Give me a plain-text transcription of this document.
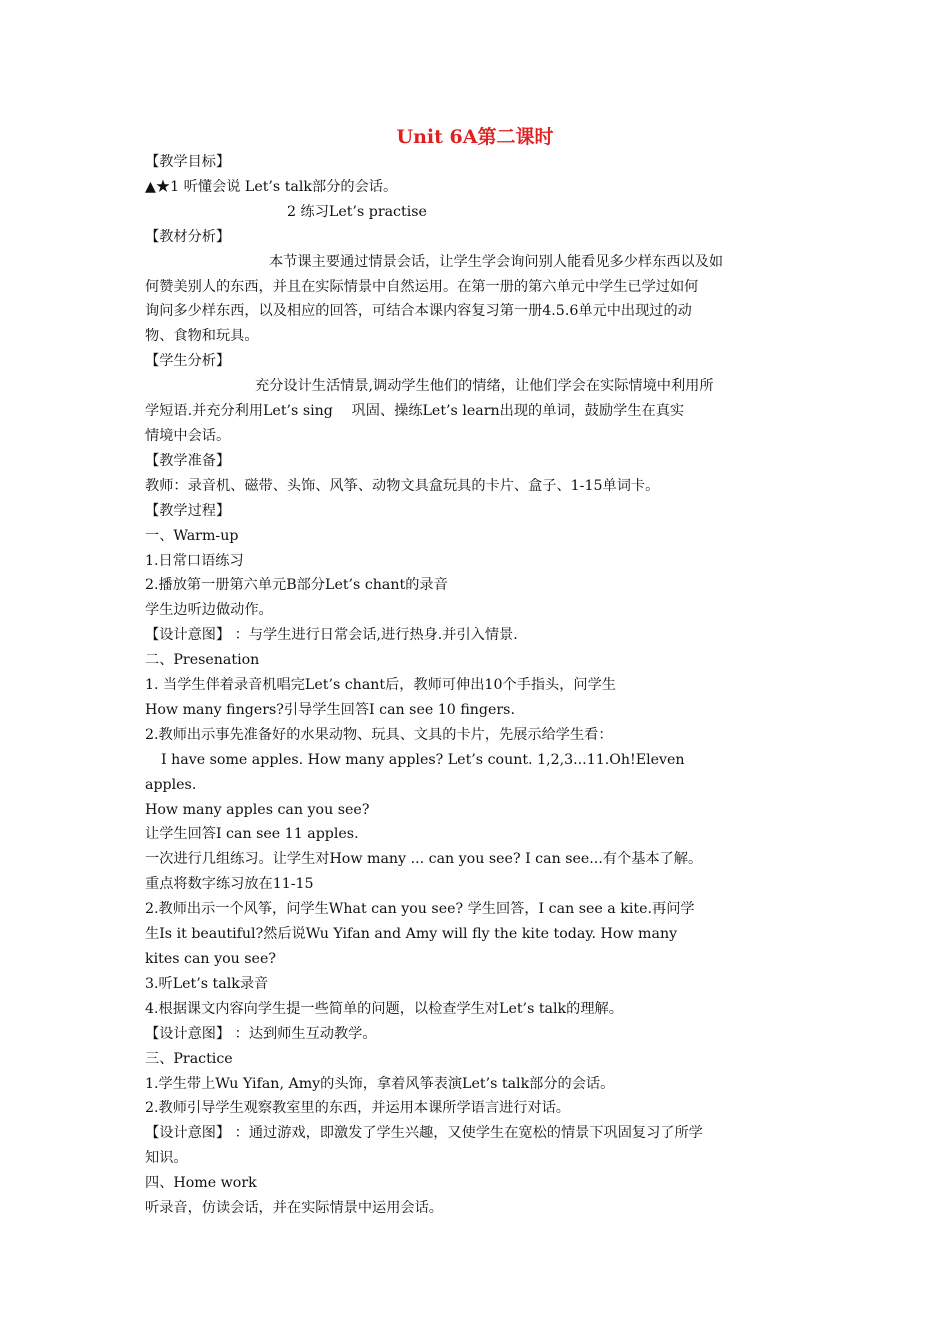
Unit 6A第二课时
【教学目标】
▲★1 听懂会说 Let’s talk部分的会话。
2 练习Let’s practise
【教材分析】
本节课主要通过情景会话，让学生学会询问别人能看见多少样东西以及如
何赞美别人的东西，并且在实际情景中自然运用。在第一册的第六单元中学生已学过如何
询问多少样东西，以及相应的回答，可结合本课内容复习第一册4.5.6单元中出现过的动
物、食物和玩具。
【学生分析】
充分设计生活情景,调动学生他们的情绪，让他们学会在实际情境中利用所
学短语.并充分利用Let’s sing　 巩固、操练Let’s learn出现的单词，鼓励学生在真实
情境中会话。
【教学准备】
教师：录音机、磁带、头饰、风筝、动物文具盒玩具的卡片、盒子、1-15单词卡。
【教学过程】
一、Warm-up
1.日常口语练习
2.播放第一册第六单元B部分Let’s chant的录音
学生边听边做动作。
【设计意图】 ：与学生进行日常会话,进行热身.并引入情景.
二、Presenation
1. 当学生伴着录音机唱完Let’s chant后，教师可伸出10个手指头，问学生
How many fingers?引导学生回答I can see 10 fingers.
2.教师出示事先准备好的水果动物、玩具、文具的卡片，先展示给学生看：
I have some apples. How many apples? Let’s count. 1,2,3...11.Oh!Eleven
apples.
How many apples can you see?
让学生回答I can see 11 apples.
一次进行几组练习。让学生对How many ... can you see? I can see...有个基本了解。
重点将数字练习放在11-15
2.教师出示一个风筝，问学生What can you see? 学生回答，I can see a kite.再问学
生Is it beautiful?然后说Wu Yifan and Amy will fly the kite today. How many
kites can you see?
3.听Let’s talk录音
4.根据课文内容向学生提一些简单的问题，以检查学生对Let’s talk的理解。
【设计意图】 ：达到师生互动教学。
三、Practice
1.学生带上Wu Yifan, Amy的头饰，拿着风筝表演Let’s talk部分的会话。
2.教师引导学生观察教室里的东西，并运用本课所学语言进行对话。
【设计意图】 ：通过游戏，即激发了学生兴趣，又使学生在宽松的情景下巩固复习了所学
知识。
四、Home work
听录音，仿读会话，并在实际情景中运用会话。
